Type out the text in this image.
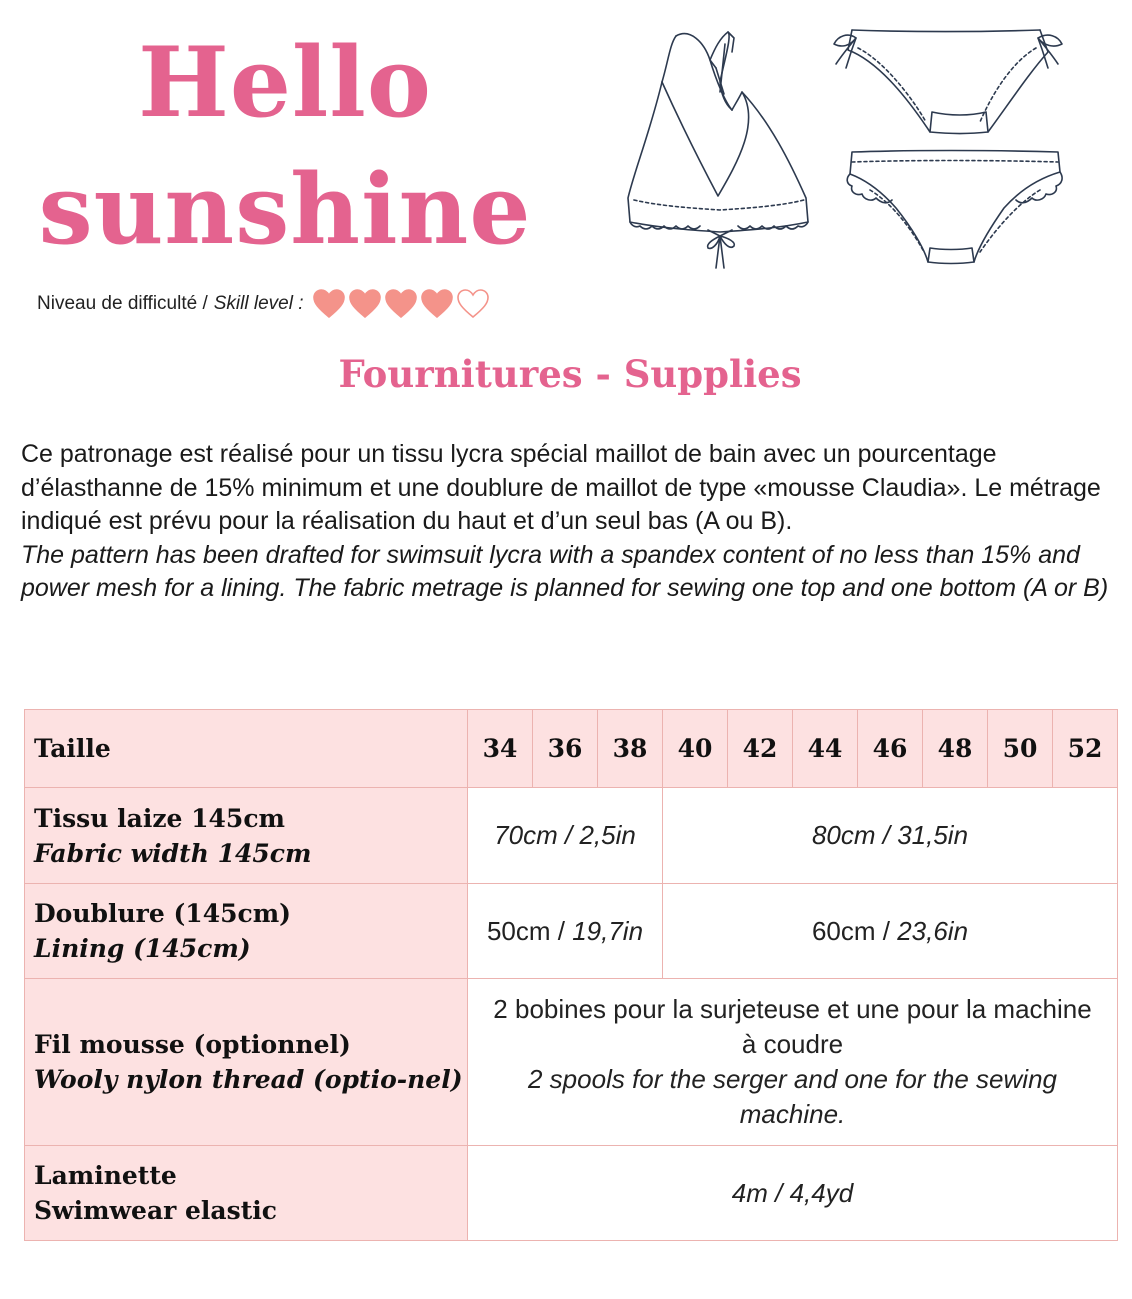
Hello
sunshine
Niveau de difficulté / Skill level :
Fournitures - Supplies

Ce patronage est réalisé pour un tissu lycra spécial maillot de bain avec un pourcentage d’élasthanne de 15% minimum et une doublure de maillot de type «mousse Claudia». Le métrage indiqué est prévu pour la réalisation du haut et d’un seul bas (A ou B).

The pattern has been drafted for swimsuit lycra with a spandex content of no less than 15% and power mesh for a lining. The fabric metrage is planned for sewing one top and one bottom (A or B)

Taille	34	36	38	40	42	44	46	48	50	52

Tissu laize 145cm
Fabric width 145cm	70cm / 2,5in			80cm / 31,5in						

Doublure (145cm)
Lining (145cm)	50cm / 19,7in			60cm / 23,6in						

Fil mousse (optionnel)
Wooly nylon thread (optio-nel)	2 bobines pour la surjeteuse et une pour la machine à coudre
2 spools for the serger and one for the sewing machine.									

Laminette
Swimwear elastic	4m / 4,4yd									
